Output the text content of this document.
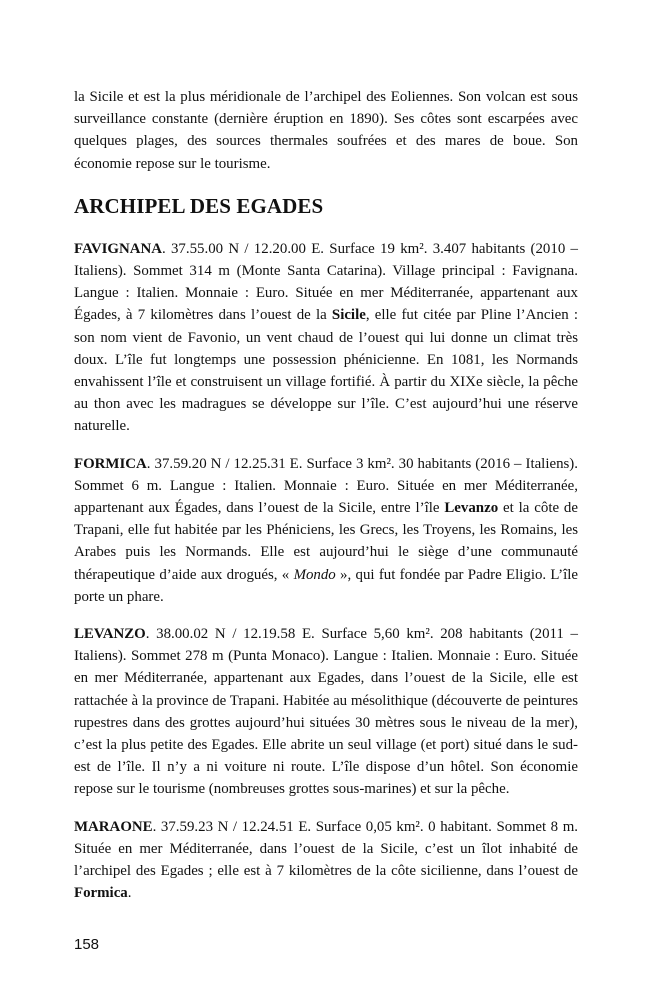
la Sicile et est la plus méridionale de l’archipel des Eoliennes. Son volcan est sous surveillance constante (dernière éruption en 1890). Ses côtes sont escarpées avec quelques plages, des sources thermales soufrées et des mares de boue. Son économie repose sur le tourisme.

ARCHIPEL DES EGADES

FAVIGNANA. 37.55.00 N / 12.20.00 E. Surface 19 km². 3.407 habitants (2010 – Italiens). Sommet 314 m (Monte Santa Catarina). Village principal : Favignana. Langue : Italien. Monnaie : Euro. Située en mer Méditerranée, appartenant aux Égades, à 7 kilomètres dans l’ouest de la Sicile, elle fut citée par Pline l’Ancien : son nom vient de Favonio, un vent chaud de l’ouest qui lui donne un climat très doux. L’île fut longtemps une possession phénicienne. En 1081, les Normands envahissent l’île et construisent un village fortifié. À partir du XIXe siècle, la pêche au thon avec les madragues se développe sur l’île. C’est aujourd’hui une réserve naturelle.

FORMICA. 37.59.20 N / 12.25.31 E. Surface 3 km². 30 habitants (2016 – Italiens). Sommet 6 m. Langue : Italien. Monnaie : Euro. Située en mer Méditerranée, appartenant aux Égades, dans l’ouest de la Sicile, entre l’île Levanzo et la côte de Trapani, elle fut habitée par les Phéniciens, les Grecs, les Troyens, les Romains, les Arabes puis les Normands. Elle est aujourd’hui le siège d’une communauté thérapeutique d’aide aux drogués, « Mondo », qui fut fondée par Padre Eligio. L’île porte un phare.

LEVANZO. 38.00.02 N / 12.19.58 E. Surface 5,60 km². 208 habitants (2011 – Italiens). Sommet 278 m (Punta Monaco). Langue : Italien. Monnaie : Euro. Située en mer Méditerranée, appartenant aux Egades, dans l’ouest de la Sicile, elle est rattachée à la province de Trapani. Habitée au mésolithique (découverte de peintures rupestres dans des grottes aujourd’hui situées 30 mètres sous le niveau de la mer), c’est la plus petite des Egades. Elle abrite un seul village (et port) situé dans le sud-est de l’île. Il n’y a ni voiture ni route. L’île dispose d’un hôtel. Son économie repose sur le tourisme (nombreuses grottes sous-marines) et sur la pêche.

MARAONE. 37.59.23 N / 12.24.51 E. Surface 0,05 km². 0 habitant. Sommet 8 m. Située en mer Méditerranée, dans l’ouest de la Sicile, c’est un îlot inhabité de l’archipel des Egades ; elle est à 7 kilomètres de la côte sicilienne, dans l’ouest de Formica.

158
